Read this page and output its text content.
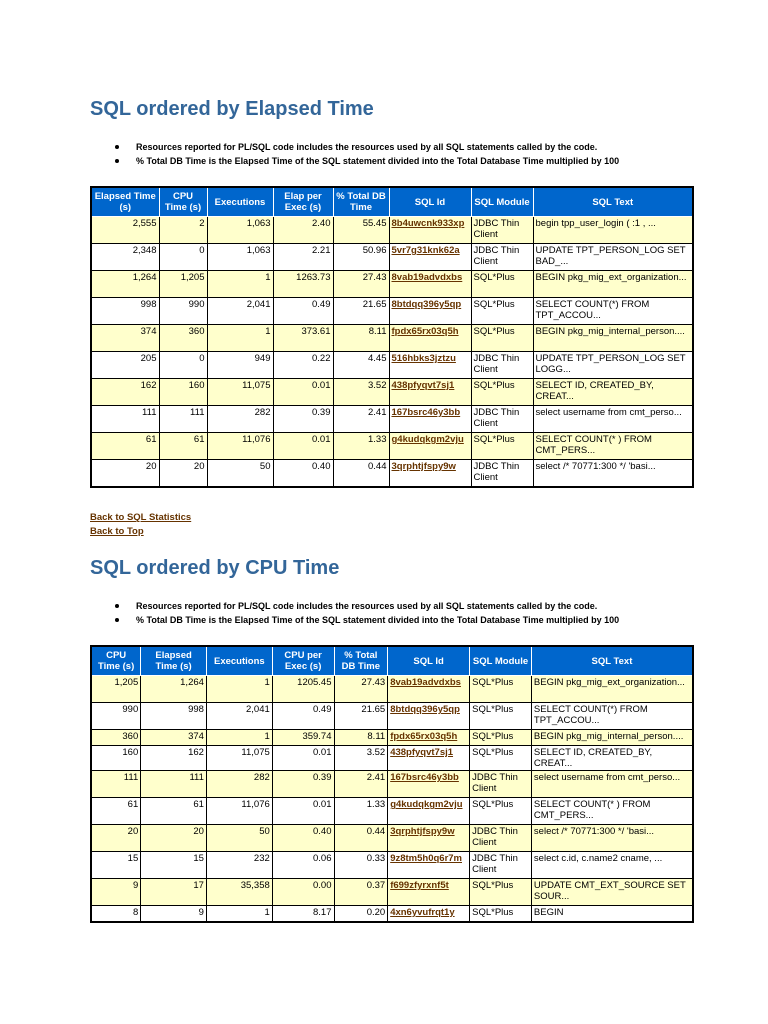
SQL ordered by Elapsed Time
Resources reported for PL/SQL code includes the resources used by all SQL statements called by the code.
% Total DB Time is the Elapsed Time of the SQL statement divided into the Total Database Time multiplied by 100
Elapsed Time (s)	CPU Time (s)	Executions	Elap per Exec (s)	% Total DB Time	SQL Id	SQL Module	SQL Text
2,555	2	1,063	2.40	55.45	8b4uwcnk933xp	JDBC Thin Client	begin tpp_user_login ( :1 , ...
2,348	0	1,063	2.21	50.96	5vr7g31knk62a	JDBC Thin Client	UPDATE TPT_PERSON_LOG SET BAD_...
1,264	1,205	1	1263.73	27.43	8vab19advdxbs	SQL*Plus	BEGIN pkg_mig_ext_organization...
998	990	2,041	0.49	21.65	8btdqq396y5qp	SQL*Plus	SELECT COUNT(*) FROM TPT_ACCOU...
374	360	1	373.61	8.11	fpdx65rx03q5h	SQL*Plus	BEGIN pkg_mig_internal_person....
205	0	949	0.22	4.45	516hbks3jztzu	JDBC Thin Client	UPDATE TPT_PERSON_LOG SET LOGG...
162	160	11,075	0.01	3.52	438pfyqvt7sj1	SQL*Plus	SELECT ID, CREATED_BY, CREAT...
111	111	282	0.39	2.41	167bsrc46y3bb	JDBC Thin Client	select username from cmt_perso...
61	61	11,076	0.01	1.33	g4kudqkgm2vju	SQL*Plus	SELECT COUNT(* ) FROM CMT_PERS...
20	20	50	0.40	0.44	3qrphtjfspy9w	JDBC Thin Client	select /* 70771:300 */ 'basi...
Back to SQL Statistics
Back to Top
SQL ordered by CPU Time
Resources reported for PL/SQL code includes the resources used by all SQL statements called by the code.
% Total DB Time is the Elapsed Time of the SQL statement divided into the Total Database Time multiplied by 100
CPU Time (s)	Elapsed Time (s)	Executions	CPU per Exec (s)	% Total DB Time	SQL Id	SQL Module	SQL Text
1,205	1,264	1	1205.45	27.43	8vab19advdxbs	SQL*Plus	BEGIN pkg_mig_ext_organization...
990	998	2,041	0.49	21.65	8btdqq396y5qp	SQL*Plus	SELECT COUNT(*) FROM TPT_ACCOU...
360	374	1	359.74	8.11	fpdx65rx03q5h	SQL*Plus	BEGIN pkg_mig_internal_person....
160	162	11,075	0.01	3.52	438pfyqvt7sj1	SQL*Plus	SELECT ID, CREATED_BY, CREAT...
111	111	282	0.39	2.41	167bsrc46y3bb	JDBC Thin Client	select username from cmt_perso...
61	61	11,076	0.01	1.33	g4kudqkgm2vju	SQL*Plus	SELECT COUNT(* ) FROM CMT_PERS...
20	20	50	0.40	0.44	3qrphtjfspy9w	JDBC Thin Client	select /* 70771:300 */ 'basi...
15	15	232	0.06	0.33	9z8tm5h0q6r7m	JDBC Thin Client	select c.id, c.name2 cname, ...
9	17	35,358	0.00	0.37	f699zfyrxnf5t	SQL*Plus	UPDATE CMT_EXT_SOURCE SET SOUR...
8	9	1	8.17	0.20	4xn6yvufrqt1y	SQL*Plus	BEGIN
